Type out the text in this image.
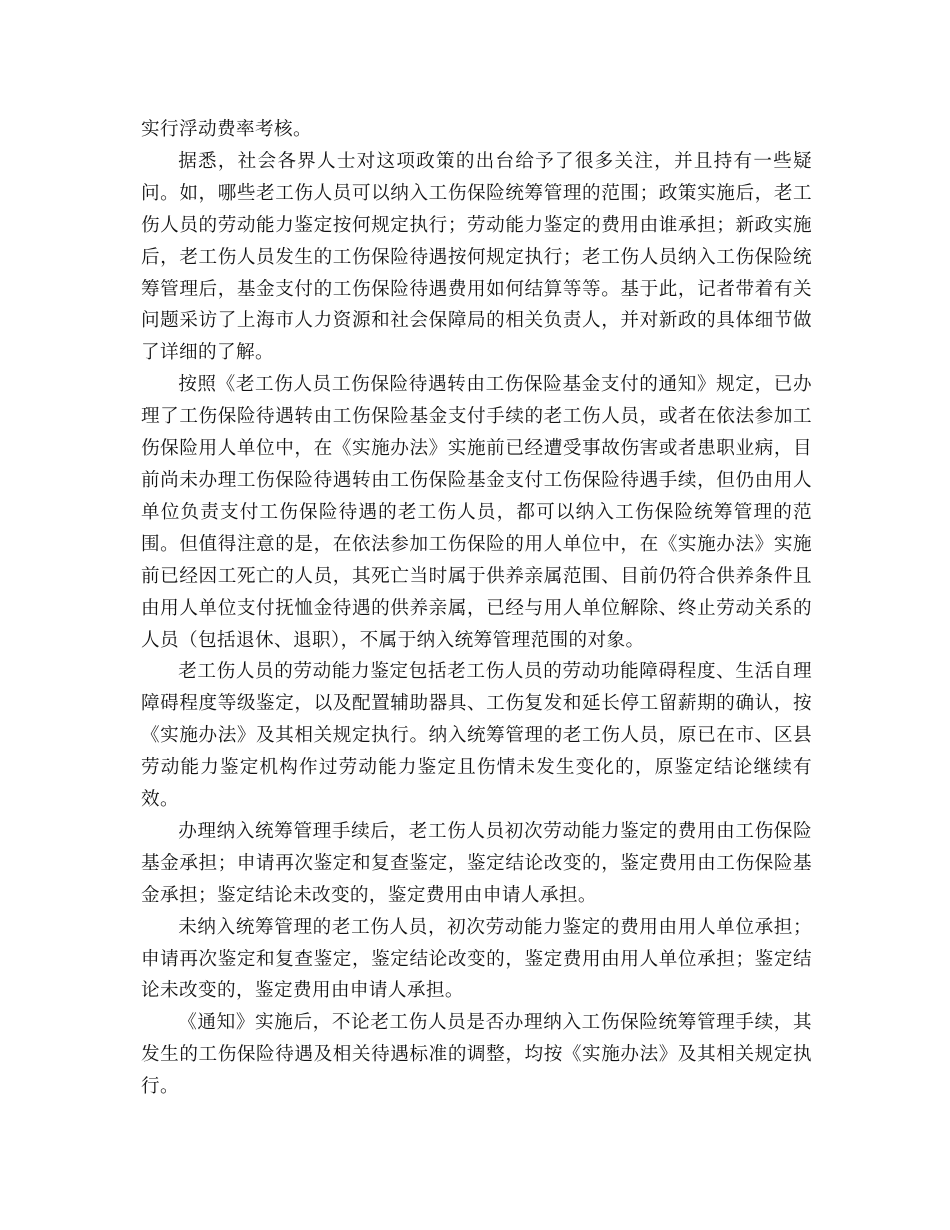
实行浮动费率考核。

据悉，社会各界人士对这项政策的出台给予了很多关注，并且持有一些疑问。如，哪些老工伤人员可以纳入工伤保险统筹管理的范围；政策实施后，老工伤人员的劳动能力鉴定按何规定执行；劳动能力鉴定的费用由谁承担；新政实施后，老工伤人员发生的工伤保险待遇按何规定执行；老工伤人员纳入工伤保险统筹管理后，基金支付的工伤保险待遇费用如何结算等等。基于此，记者带着有关问题采访了上海市人力资源和社会保障局的相关负责人，并对新政的具体细节做了详细的了解。

按照《老工伤人员工伤保险待遇转由工伤保险基金支付的通知》规定，已办理了工伤保险待遇转由工伤保险基金支付手续的老工伤人员，或者在依法参加工伤保险用人单位中，在《实施办法》实施前已经遭受事故伤害或者患职业病，目前尚未办理工伤保险待遇转由工伤保险基金支付工伤保险待遇手续，但仍由用人单位负责支付工伤保险待遇的老工伤人员，都可以纳入工伤保险统筹管理的范围。但值得注意的是，在依法参加工伤保险的用人单位中，在《实施办法》实施前已经因工死亡的人员，其死亡当时属于供养亲属范围、目前仍符合供养条件且由用人单位支付抚恤金待遇的供养亲属，已经与用人单位解除、终止劳动关系的人员（包括退休、退职），不属于纳入统筹管理范围的对象。

老工伤人员的劳动能力鉴定包括老工伤人员的劳动功能障碍程度、生活自理障碍程度等级鉴定，以及配置辅助器具、工伤复发和延长停工留薪期的确认，按《实施办法》及其相关规定执行。纳入统筹管理的老工伤人员，原已在市、区县劳动能力鉴定机构作过劳动能力鉴定且伤情未发生变化的，原鉴定结论继续有效。

办理纳入统筹管理手续后，老工伤人员初次劳动能力鉴定的费用由工伤保险基金承担；申请再次鉴定和复查鉴定，鉴定结论改变的，鉴定费用由工伤保险基金承担；鉴定结论未改变的，鉴定费用由申请人承担。

未纳入统筹管理的老工伤人员，初次劳动能力鉴定的费用由用人单位承担；申请再次鉴定和复查鉴定，鉴定结论改变的，鉴定费用由用人单位承担；鉴定结论未改变的，鉴定费用由申请人承担。

《通知》实施后，不论老工伤人员是否办理纳入工伤保险统筹管理手续，其发生的工伤保险待遇及相关待遇标准的调整，均按《实施办法》及其相关规定执行。
